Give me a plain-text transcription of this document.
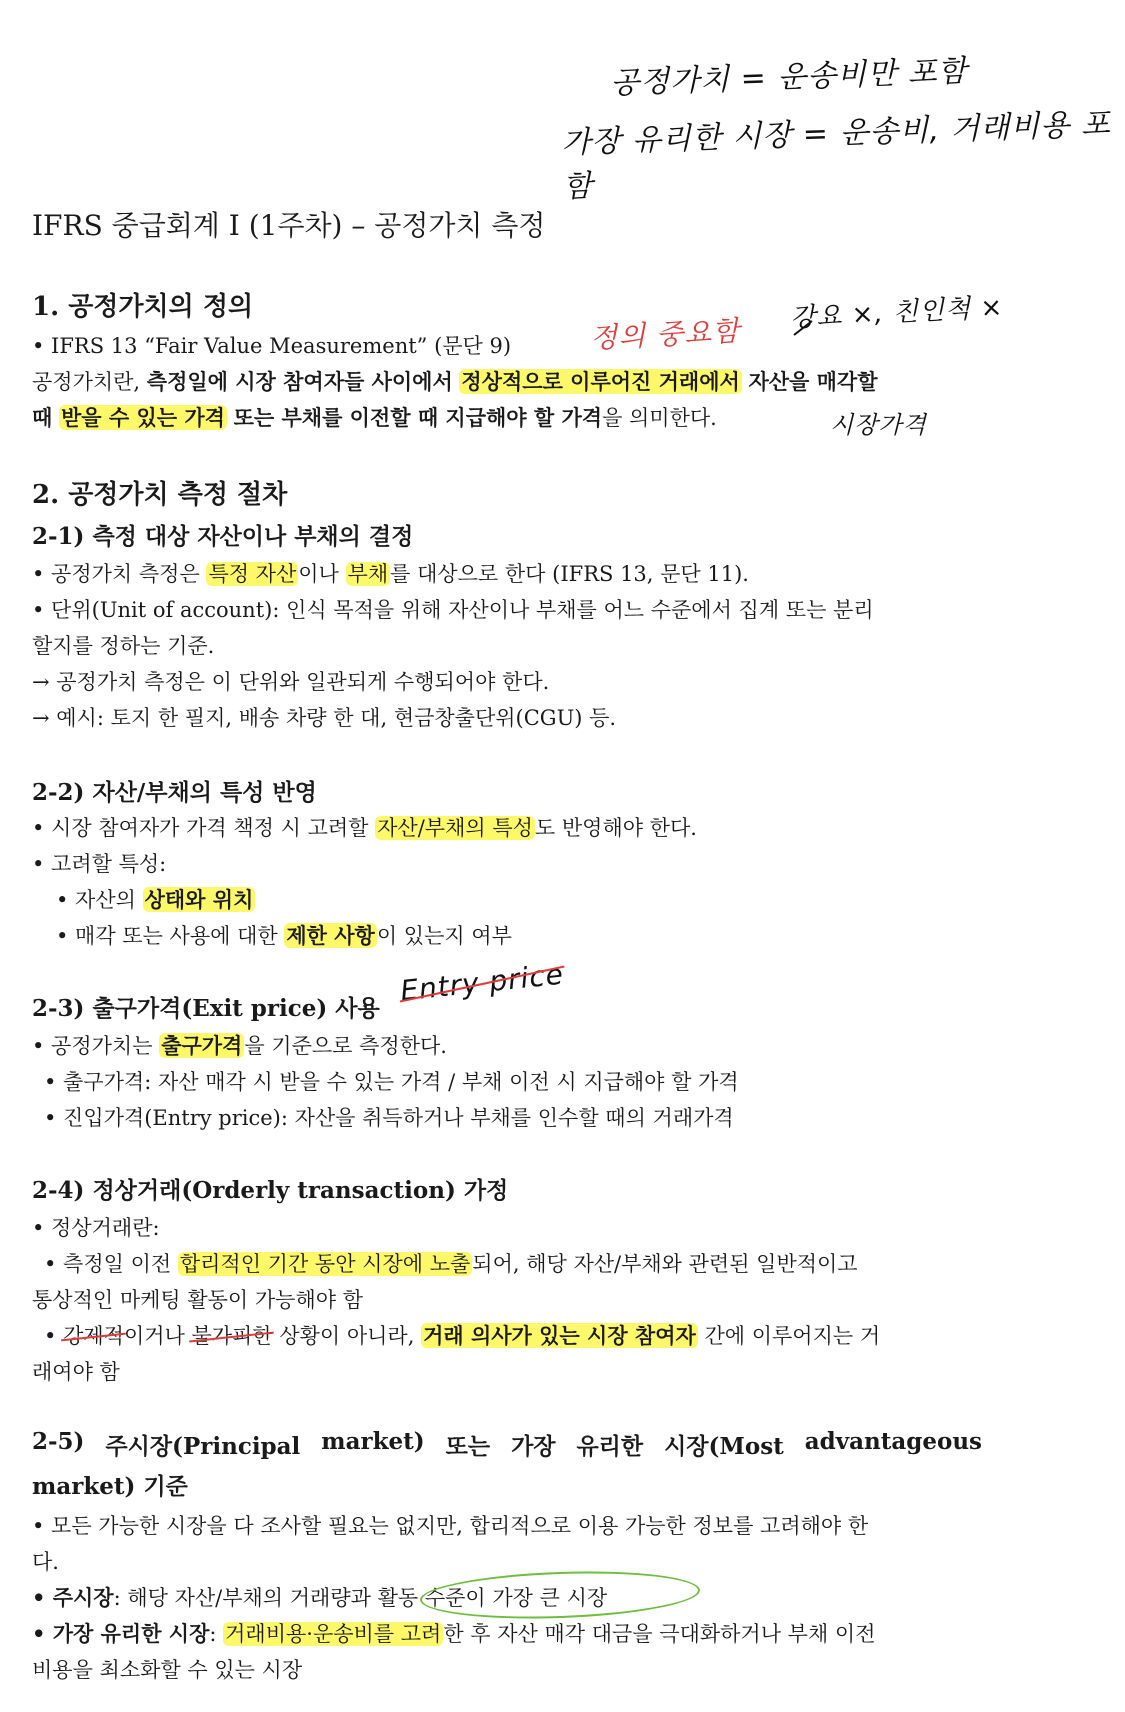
공정가치 = 운송비만 포함
가장 유리한 시장 = 운송비, 거래비용 포함
정의 중요함
강요 ×, 친인척 ×
시장가격
IFRS 중급회계 I (1주차) – 공정가치 측정
1. 공정가치의 정의
• IFRS 13 “Fair Value Measurement” (문단 9)
공정가치란, 측정일에 시장 참여자들 사이에서 정상적으로 이루어진 거래에서 자산을 매각할
때 받을 수 있는 가격 또는 부채를 이전할 때 지급해야 할 가격을 의미한다.
2. 공정가치 측정 절차
2-1) 측정 대상 자산이나 부채의 결정
• 공정가치 측정은 특정 자산이나 부채를 대상으로 한다 (IFRS 13, 문단 11).
• 단위(Unit of account): 인식 목적을 위해 자산이나 부채를 어느 수준에서 집계 또는 분리
할지를 정하는 기준.
→ 공정가치 측정은 이 단위와 일관되게 수행되어야 한다.
→ 예시: 토지 한 필지, 배송 차량 한 대, 현금창출단위(CGU) 등.
2-2) 자산/부채의 특성 반영
• 시장 참여자가 가격 책정 시 고려할 자산/부채의 특성도 반영해야 한다.
• 고려할 특성:
• 자산의 상태와 위치
• 매각 또는 사용에 대한 제한 사항이 있는지 여부
2-3) 출구가격(Exit price) 사용
Entry price
• 공정가치는 출구가격을 기준으로 측정한다.
• 출구가격: 자산 매각 시 받을 수 있는 가격 / 부채 이전 시 지급해야 할 가격
• 진입가격(Entry price): 자산을 취득하거나 부채를 인수할 때의 거래가격
2-4) 정상거래(Orderly transaction) 가정
• 정상거래란:
• 측정일 이전 합리적인 기간 동안 시장에 노출되어, 해당 자산/부채와 관련된 일반적이고
통상적인 마케팅 활동이 가능해야 함
• 강제적이거나 불가피한 상황이 아니라, 거래 의사가 있는 시장 참여자 간에 이루어지는 거
래여야 함
2-5) 주시장(Principal market) 또는 가장 유리한 시장(Most advantageous
market) 기준
• 모든 가능한 시장을 다 조사할 필요는 없지만, 합리적으로 이용 가능한 정보를 고려해야 한
다.
• 주시장: 해당 자산/부채의 거래량과 활동 수준이 가장 큰 시장
• 가장 유리한 시장: 거래비용·운송비를 고려한 후 자산 매각 대금을 극대화하거나 부채 이전
비용을 최소화할 수 있는 시장
